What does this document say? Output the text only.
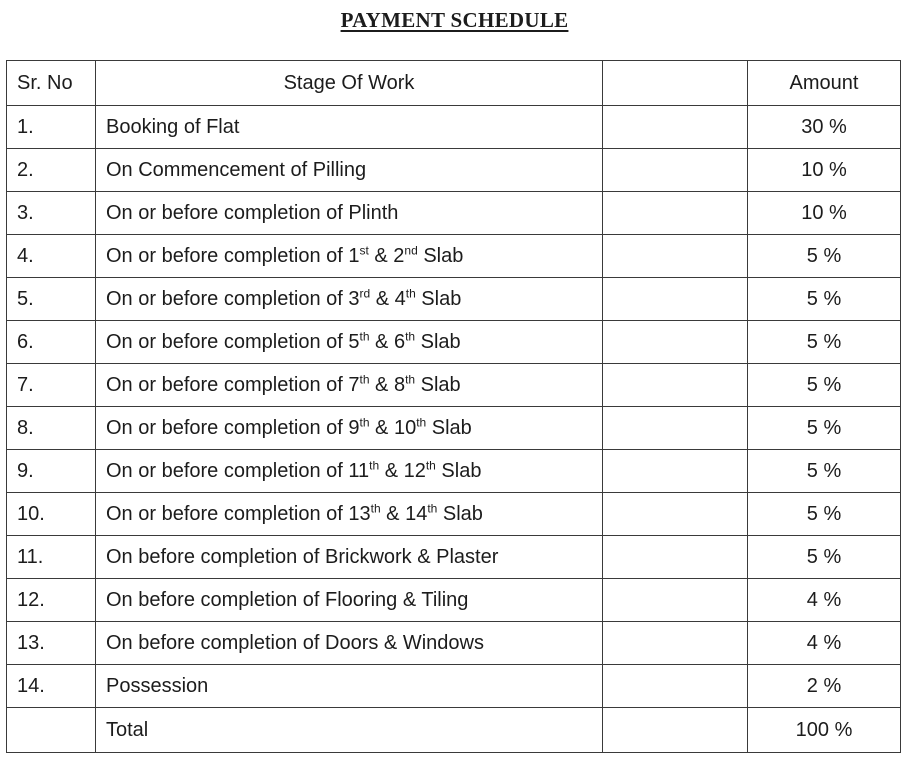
PAYMENT SCHEDULE
Sr. No	Stage Of Work		Amount
1.	Booking of Flat		30 %
2.	On Commencement of Pilling		10 %
3.	On or before completion of Plinth		10 %
4.	On or before completion of 1st & 2nd Slab		5 %
5.	On or before completion of 3rd & 4th Slab		5 %
6.	On or before completion of 5th & 6th Slab		5 %
7.	On or before completion of 7th & 8th Slab		5 %
8.	On or before completion of 9th & 10th Slab		5 %
9.	On or before completion of 11th & 12th Slab		5 %
10.	On or before completion of 13th & 14th Slab		5 %
11.	On before completion of Brickwork & Plaster		5 %
12.	On before completion of Flooring & Tiling		4 %
13.	On before completion of Doors & Windows		4 %
14.	Possession		2 %
	Total		100 %
